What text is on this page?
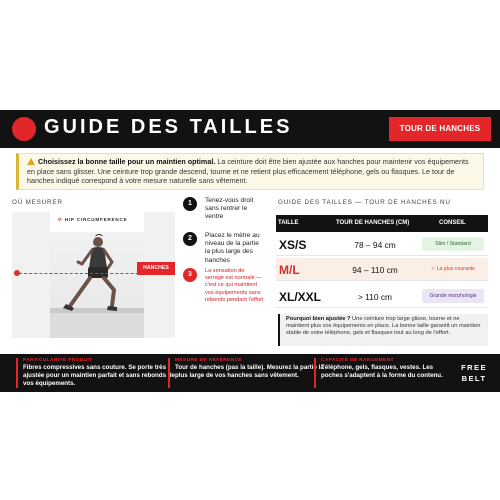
GUIDE DES TAILLES	TOUR DE HANCHES
Choisissez la bonne taille pour un maintien optimal. La ceinture doit être bien ajustée aux hanches pour maintenir vos équipements en place sans glisser. Une ceinture trop grande descend, tourne et ne retient plus efficacement téléphone, gels ou flasques. Le tour de hanches indiqué correspond à votre mesure naturelle sans vêtement.
OÙ MESURER
⟳ HIP CIRCUMFERENCE
HANCHES
1	Tenez-vous droit sans rentrer le ventre
2	Placez le mètre au niveau de la partie la plus large des hanches
3	La sensation de serrage est normale — c'est ce qui maintient vos équipements sans rebonds pendant l'effort
GUIDE DES TAILLES — TOUR DE HANCHES NU
TAILLE	TOUR DE HANCHES (CM)	CONSEIL
XS/S	78 – 94 cm	Slim / Standard
M/L	94 – 110 cm	✓ La plus courante
XL/XXL	> 110 cm	Grande morphologie
Pourquoi bien ajustée ? Une ceinture trop large glisse, tourne et ne maintient plus vos équipements en place. La bonne taille garantit un maintien stable de votre téléphone, gels et flasques tout au long de l'effort.
PARTICULARITÉ PRODUIT
Fibres compressives sans couture. Se porte très ajustée pour un maintien parfait et sans rebonds de vos équipements.
MESURE DE RÉFÉRENCE
Tour de hanches (pas la taille). Mesurez la partie la plus large de vos hanches sans vêtement.
CAPACITÉ DE RANGEMENT
Téléphone, gels, flasques, vestes. Les poches s'adaptent à la forme du contenu.
FREE
BELT
